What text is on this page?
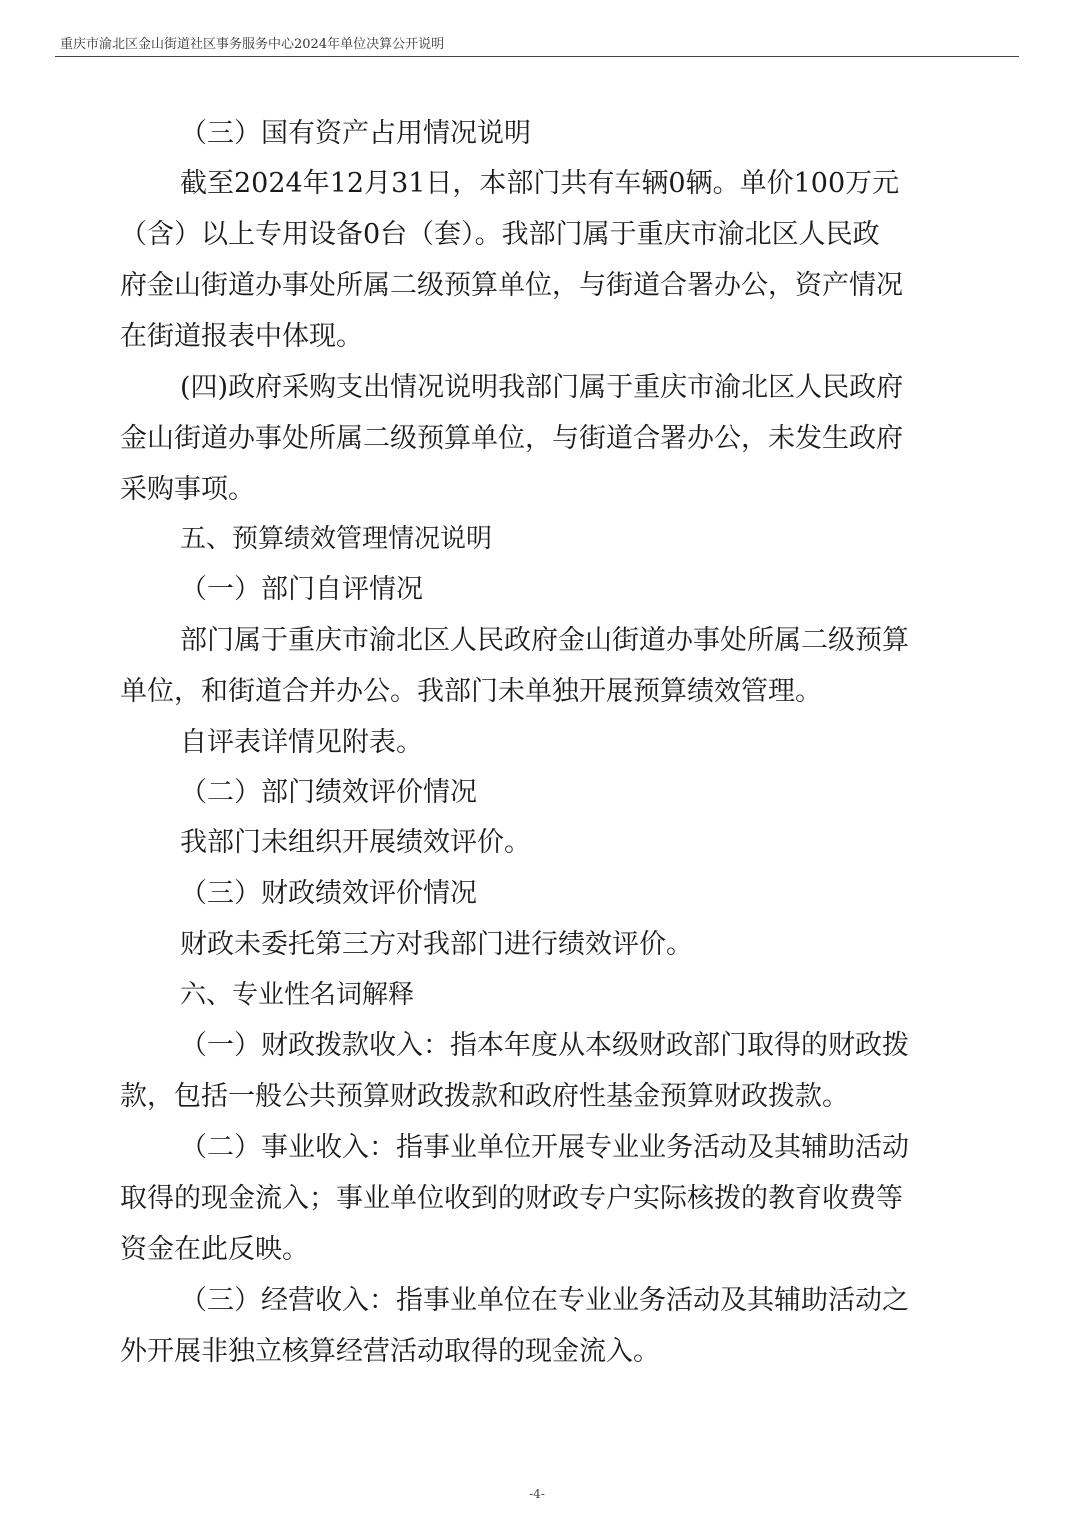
重庆市渝北区金山街道社区事务服务中心2024年单位决算公开说明
（三）国有资产占用情况说明
截至2024年12月31日，本部门共有车辆0辆。单价100万元
（含）以上专用设备0台（套）。我部门属于重庆市渝北区人民政
府金山街道办事处所属二级预算单位，与街道合署办公，资产情况
在街道报表中体现。
(四)政府采购支出情况说明我部门属于重庆市渝北区人民政府
金山街道办事处所属二级预算单位，与街道合署办公，未发生政府
采购事项。
五、预算绩效管理情况说明
（一）部门自评情况
部门属于重庆市渝北区人民政府金山街道办事处所属二级预算
单位，和街道合并办公。我部门未单独开展预算绩效管理。
自评表详情见附表。
（二）部门绩效评价情况
我部门未组织开展绩效评价。
（三）财政绩效评价情况
财政未委托第三方对我部门进行绩效评价。
六、专业性名词解释
（一）财政拨款收入：指本年度从本级财政部门取得的财政拨
款，包括一般公共预算财政拨款和政府性基金预算财政拨款。
（二）事业收入：指事业单位开展专业业务活动及其辅助活动
取得的现金流入；事业单位收到的财政专户实际核拨的教育收费等
资金在此反映。
（三）经营收入：指事业单位在专业业务活动及其辅助活动之
外开展非独立核算经营活动取得的现金流入。
-4-
